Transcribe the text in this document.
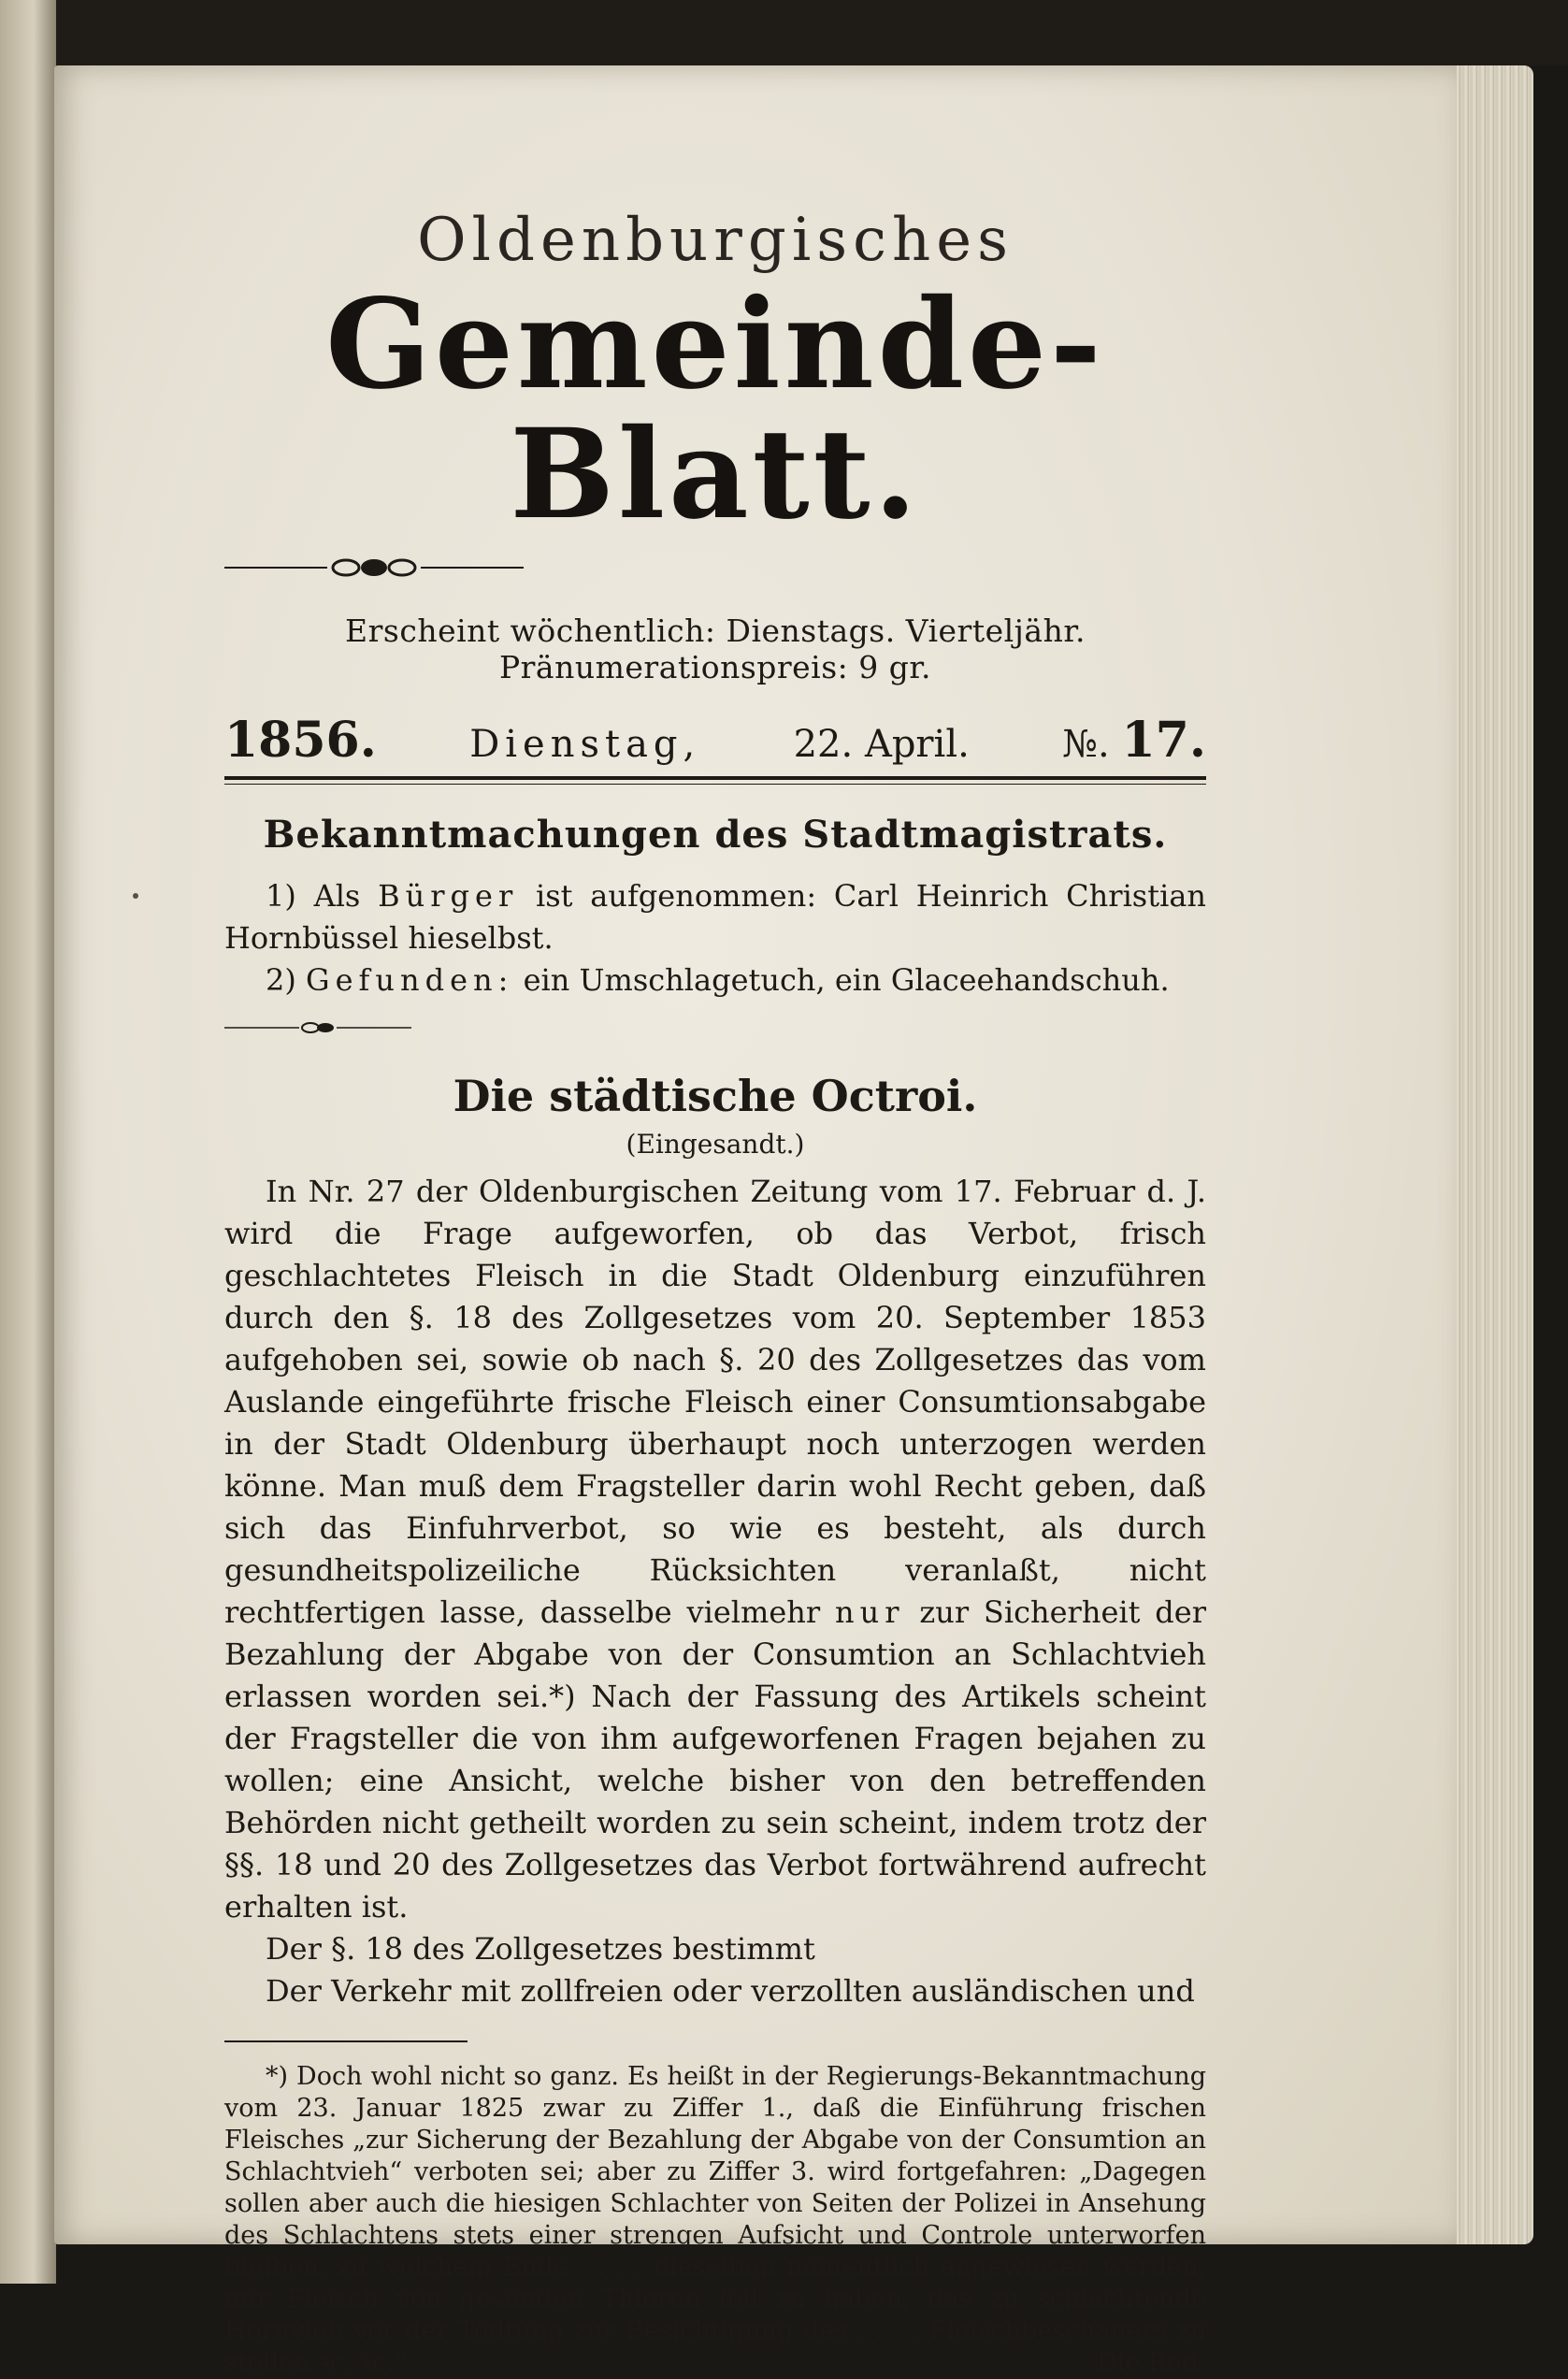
Oldenburgisches
Gemeinde-Blatt.
Erscheint wöchentlich: Dienstags. Vierteljähr. Pränumerationspreis: 9 gr.
1856. Dienstag, 22. April. №. 17.
Bekanntmachungen des Stadtmagistrats.

1) Als Bürger ist aufgenommen: Carl Heinrich Christian Hornbüssel hieselbst.

2) Gefunden: ein Umschlagetuch, ein Glaceehandschuh.

Die städtische Octroi.
(Eingesandt.)

In Nr. 27 der Oldenburgischen Zeitung vom 17. Februar d. J. wird die Frage aufgeworfen, ob das Verbot, frisch geschlachtetes Fleisch in die Stadt Oldenburg einzuführen durch den §. 18 des Zollgesetzes vom 20. September 1853 aufgehoben sei, sowie ob nach §. 20 des Zollgesetzes das vom Auslande eingeführte frische Fleisch einer Consumtionsabgabe in der Stadt Oldenburg überhaupt noch unterzogen werden könne. Man muß dem Fragsteller darin wohl Recht geben, daß sich das Einfuhrverbot, so wie es besteht, als durch gesundheitspolizeiliche Rücksichten veranlaßt, nicht rechtfertigen lasse, dasselbe vielmehr nur zur Sicherheit der Bezahlung der Abgabe von der Consumtion an Schlachtvieh erlassen worden sei.*) Nach der Fassung des Artikels scheint der Fragsteller die von ihm aufgeworfenen Fragen bejahen zu wollen; eine Ansicht, welche bisher von den betreffenden Behörden nicht getheilt worden zu sein scheint, indem trotz der §§. 18 und 20 des Zollgesetzes das Verbot fortwährend aufrecht erhalten ist.

Der §. 18 des Zollgesetzes bestimmt

Der Verkehr mit zollfreien oder verzollten ausländischen und

*) Doch wohl nicht so ganz. Es heißt in der Regierungs-Bekanntmachung vom 23. Januar 1825 zwar zu Ziffer 1., daß die Einführung frischen Fleisches „zur Sicherung der Bezahlung der Abgabe von der Consumtion an Schlachtvieh“ verboten sei; aber zu Ziffer 3. wird fortgefahren: „Dagegen sollen aber auch die hiesigen Schlachter von Seiten der Polizei in Ansehung des Schlachtens stets einer strengen Aufsicht und Controle unterworfen bleiben, zu welchem Ende . . . . dieselben namentlich angewiesen werden, nur Fleisch von gesunden Thieren feil zu haben, das zu schlachtende Hornvieh vor der Tödtung zur Besichtigung des . . . . Fleischbeschauers zu stellen ꝛc. ꝛc.“	Die Red.
